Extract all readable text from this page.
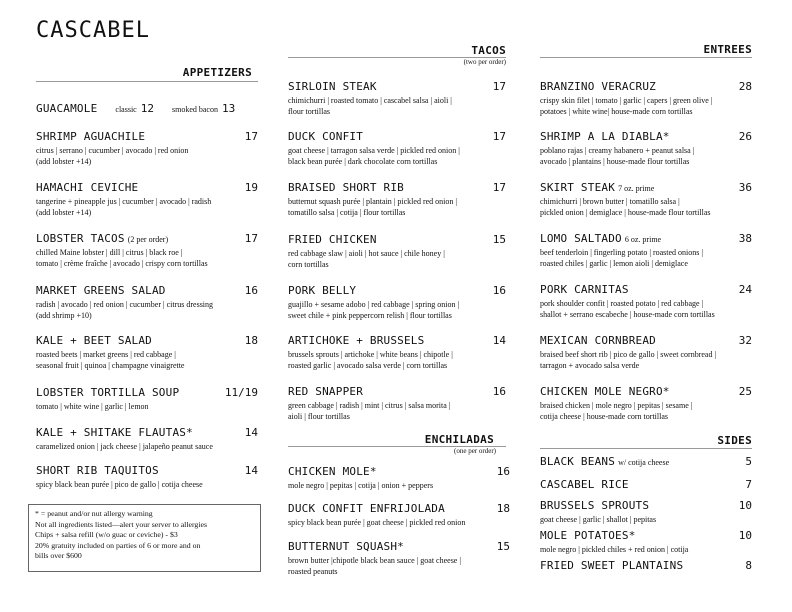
CASCABEL
APPETIZERS
GUACAMOLE classic 12 smoked bacon 13
SHRIMP AGUACHILE	17
citrus | serrano | cucumber | avocado | red onion
(add lobster +14)
HAMACHI CEVICHE	19
tangerine + pineapple jus | cucumber | avocado | radish
(add lobster +14)
LOBSTER TACOS (2 per order)	17
chilled Maine lobster | dill | citrus | black roe |
tomato | crème fraîche | avocado | crispy corn tortillas
MARKET GREENS SALAD	16
radish | avocado | red onion | cucumber | citrus dressing
(add shrimp +10)
KALE + BEET SALAD	18
roasted beets | market greens | red cabbage |
seasonal fruit | quinoa | champagne vinaigrette
LOBSTER TORTILLA SOUP	11/19
tomato | white wine | garlic | lemon
KALE + SHITAKE FLAUTAS*	14
caramelized onion | jack cheese | jalapeño peanut sauce
SHORT RIB TAQUITOS	14
spicy black bean purée | pico de gallo | cotija cheese
* = peanut and/or nut allergy warning
Not all ingredients listed—alert your server to allergies
Chips + salsa refill (w/o guac or ceviche) - $3
20% gratuity included on parties of 6 or more and on
bills over $600
TACOS
(two per order)
SIRLOIN STEAK	17
chimichurri | roasted tomato | cascabel salsa | aioli |
flour tortillas
DUCK CONFIT	17
goat cheese | tarragon salsa verde | pickled red onion |
black bean purée | dark chocolate corn tortillas
BRAISED SHORT RIB	17
butternut squash purée | plantain | pickled red onion |
tomatillo salsa | cotija | flour tortillas
FRIED CHICKEN	15
red cabbage slaw | aioli | hot sauce | chile honey |
corn tortillas
PORK BELLY	16
guajillo + sesame adobo | red cabbage | spring onion |
sweet chile + pink peppercorn relish | flour tortillas
ARTICHOKE + BRUSSELS	14
brussels sprouts | artichoke | white beans | chipotle |
roasted garlic | avocado salsa verde | corn tortillas
RED SNAPPER	16
green cabbage | radish | mint | citrus | salsa morita |
aioli | flour tortillas
ENCHILADAS
(one per order)
CHICKEN MOLE*	16
mole negro | pepitas | cotija | onion + peppers
DUCK CONFIT ENFRIJOLADA	18
spicy black bean purée | goat cheese | pickled red onion
BUTTERNUT SQUASH*	15
brown butter |chipotle black bean sauce | goat cheese |
roasted peanuts
ENTREES
BRANZINO VERACRUZ	28
crispy skin filet | tomato | garlic | capers | green olive |
potatoes | white wine| house-made corn tortillas
SHRIMP A LA DIABLA*	26
poblano rajas | creamy habanero + peanut salsa |
avocado | plantains | house-made flour tortillas
SKIRT STEAK 7 oz. prime	36
chimichurri | brown butter | tomatillo salsa |
pickled onion | demiglace | house-made flour tortillas
LOMO SALTADO 6 oz. prime	38
beef tenderloin | fingerling potato | roasted onions |
roasted chiles | garlic | lemon aioli | demiglace
PORK CARNITAS	24
pork shoulder confit | roasted potato | red cabbage |
shallot + serrano escabeche | house-made corn tortillas
MEXICAN CORNBREAD	32
braised beef short rib | pico de gallo | sweet cornbread |
tarragon + avocado salsa verde
CHICKEN MOLE NEGRO*	25
braised chicken | mole negro | pepitas | sesame |
cotija cheese | house-made corn tortillas
SIDES
BLACK BEANS w/ cotija cheese	5
CASCABEL RICE	7
BRUSSELS SPROUTS	10
goat cheese | garlic | shallot | pepitas
MOLE POTATOES*	10
mole negro | pickled chiles + red onion | cotija
FRIED SWEET PLANTAINS	8
